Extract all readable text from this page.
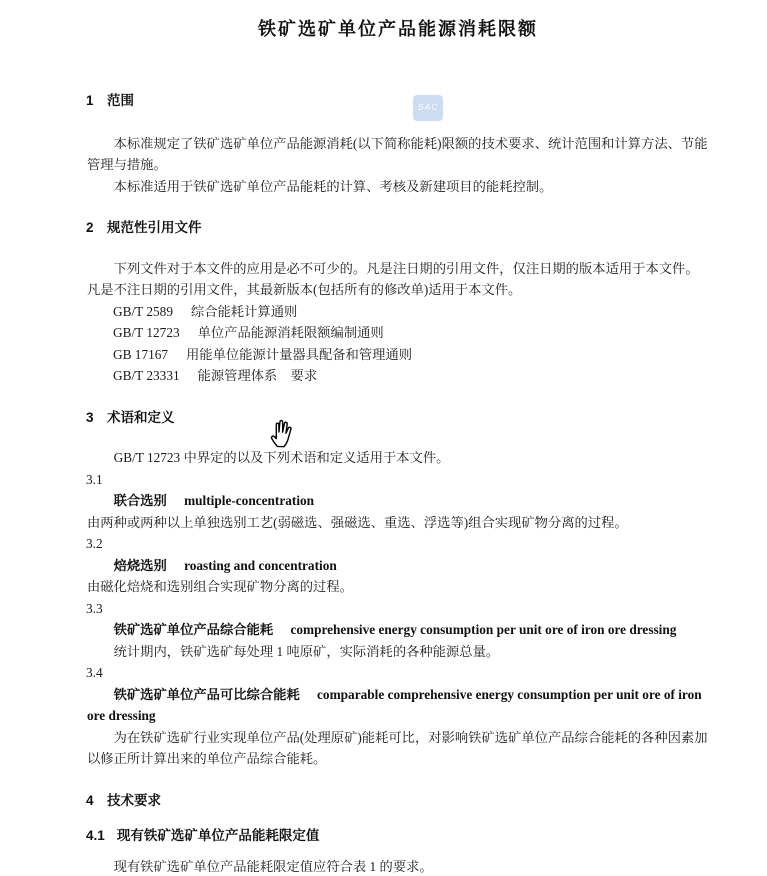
SAC
铁矿选矿单位产品能源消耗限额

1 范围

本标准规定了铁矿选矿单位产品能源消耗(以下简称能耗)限额的技术要求、统计范围和计算方法、节能管理与措施。

本标准适用于铁矿选矿单位产品能耗的计算、考核及新建项目的能耗控制。

2 规范性引用文件

下列文件对于本文件的应用是必不可少的。凡是注日期的引用文件，仅注日期的版本适用于本文件。凡是不注日期的引用文件，其最新版本(包括所有的修改单)适用于本文件。

GB/T 2589 综合能耗计算通则

GB/T 12723 单位产品能源消耗限额编制通则

GB 17167 用能单位能源计量器具配备和管理通则

GB/T 23331 能源管理体系　要求

3 术语和定义

GB/T 12723 中界定的以及下列术语和定义适用于本文件。

3.1

联合选别 multiple-concentration

由两种或两种以上单独选别工艺(弱磁选、强磁选、重选、浮选等)组合实现矿物分离的过程。

3.2

焙烧选别 roasting and concentration

由磁化焙烧和选别组合实现矿物分离的过程。

3.3

铁矿选矿单位产品综合能耗 comprehensive energy consumption per unit ore of iron ore dressing

统计期内，铁矿选矿每处理 1 吨原矿，实际消耗的各种能源总量。

3.4

铁矿选矿单位产品可比综合能耗 comparable comprehensive energy consumption per unit ore of iron ore dressing

为在铁矿选矿行业实现单位产品(处理原矿)能耗可比，对影响铁矿选矿单位产品综合能耗的各种因素加以修正所计算出来的单位产品综合能耗。

4 技术要求

4.1 现有铁矿选矿单位产品能耗限定值

现有铁矿选矿单位产品能耗限定值应符合表 1 的要求。
